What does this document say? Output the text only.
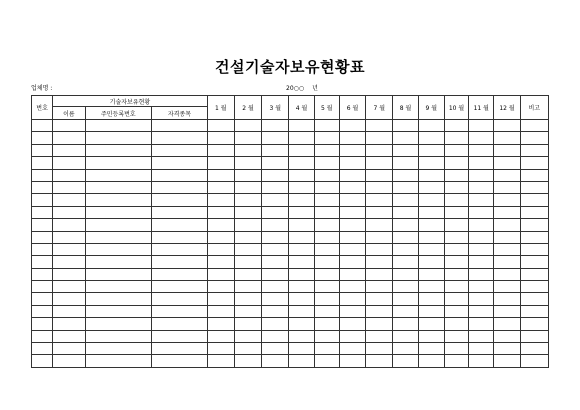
건설기술자보유현황표
업체명 :	20○○ 년
번호	기술자보유현황			1 월	2 월	3 월	4 월	5 월	6 월	7 월	8 월	9 월	10 월	11 월	12 월	비고
	이름	주민등록번호	자격종목													
